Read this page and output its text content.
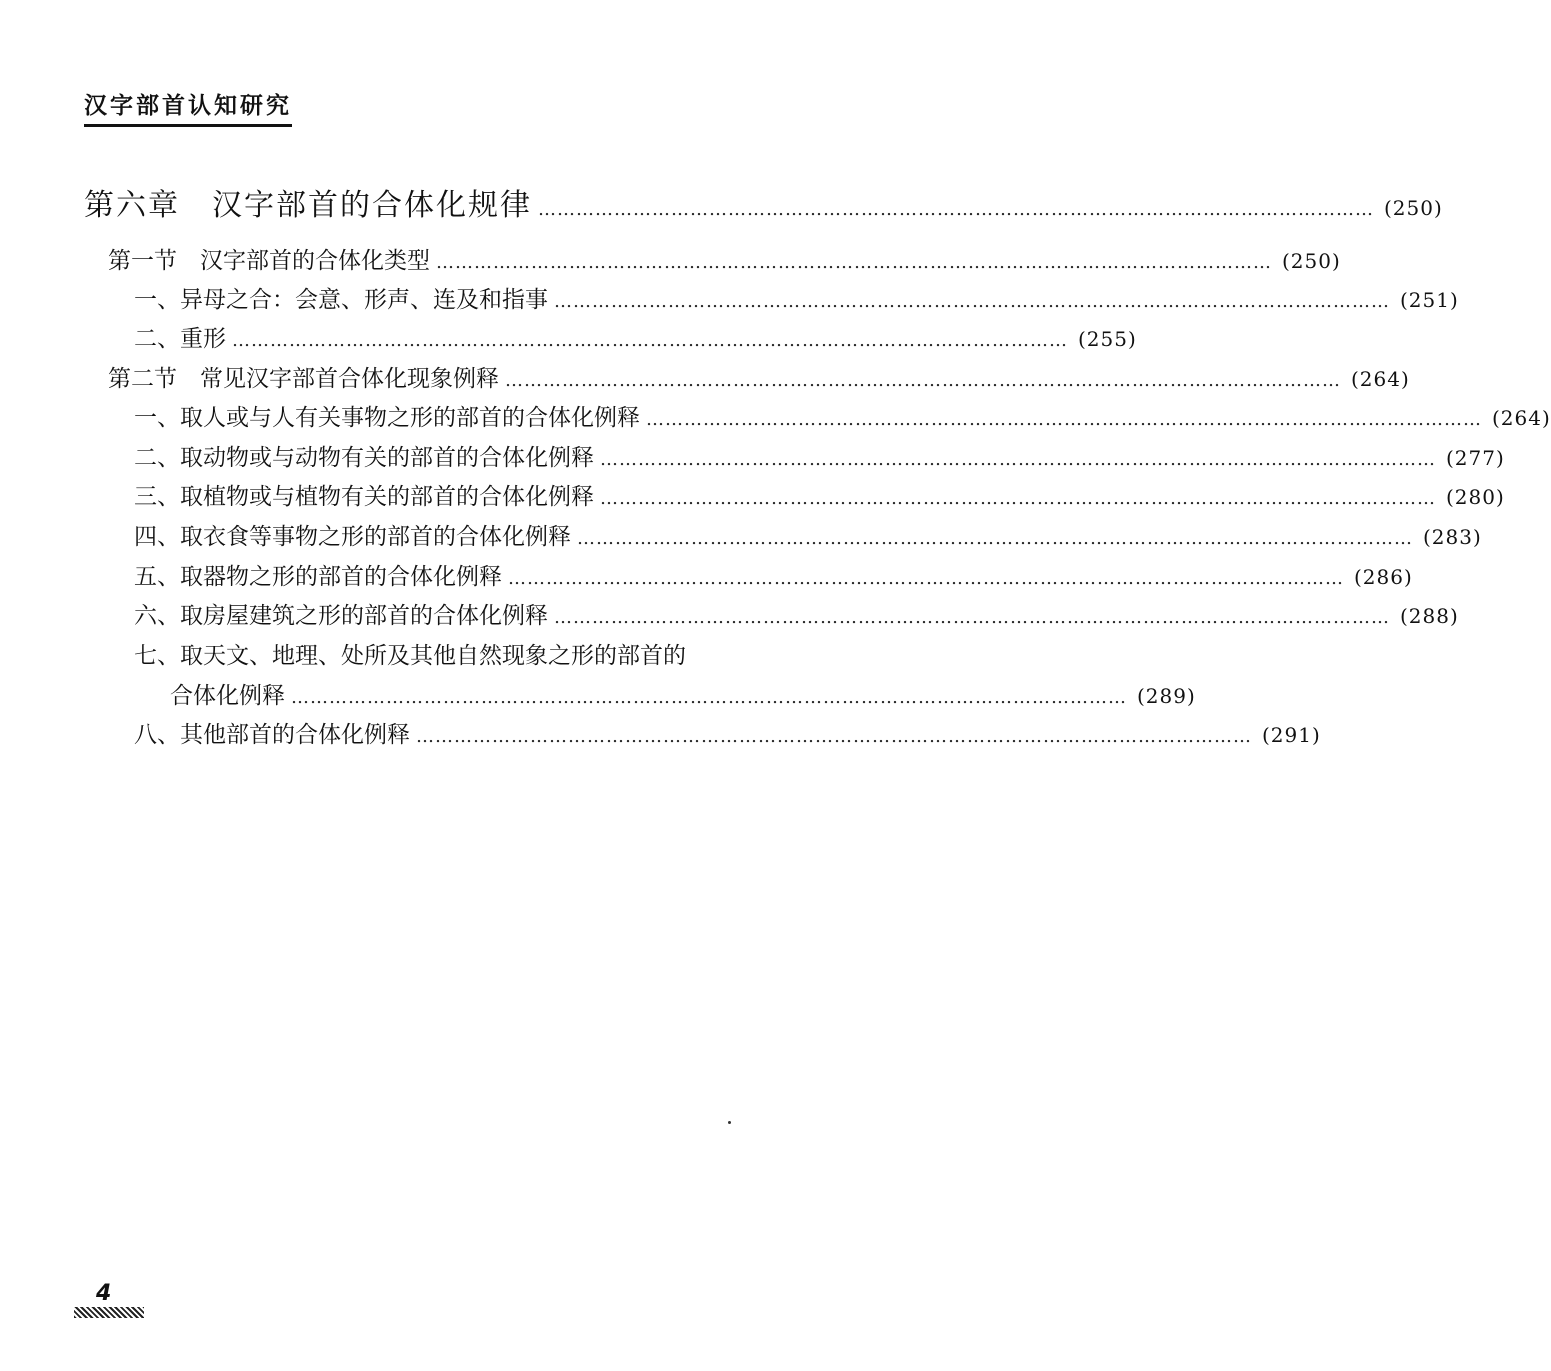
汉字部首认知研究
第六章　汉字部首的合体化规律 …………………………………………………………………………………………………………………… (250)
第一节　汉字部首的合体化类型 …………………………………………………………………………………………………………………… (250)
一、异母之合：会意、形声、连及和指事 …………………………………………………………………………………………………………………… (251)
二、重形 …………………………………………………………………………………………………………………… (255)
第二节　常见汉字部首合体化现象例释 …………………………………………………………………………………………………………………… (264)
一、取人或与人有关事物之形的部首的合体化例释 …………………………………………………………………………………………………………………… (264)
二、取动物或与动物有关的部首的合体化例释 …………………………………………………………………………………………………………………… (277)
三、取植物或与植物有关的部首的合体化例释 …………………………………………………………………………………………………………………… (280)
四、取衣食等事物之形的部首的合体化例释 …………………………………………………………………………………………………………………… (283)
五、取器物之形的部首的合体化例释 …………………………………………………………………………………………………………………… (286)
六、取房屋建筑之形的部首的合体化例释 …………………………………………………………………………………………………………………… (288)
七、取天文、地理、处所及其他自然现象之形的部首的
合体化例释 …………………………………………………………………………………………………………………… (289)
八、其他部首的合体化例释 …………………………………………………………………………………………………………………… (291)
4
